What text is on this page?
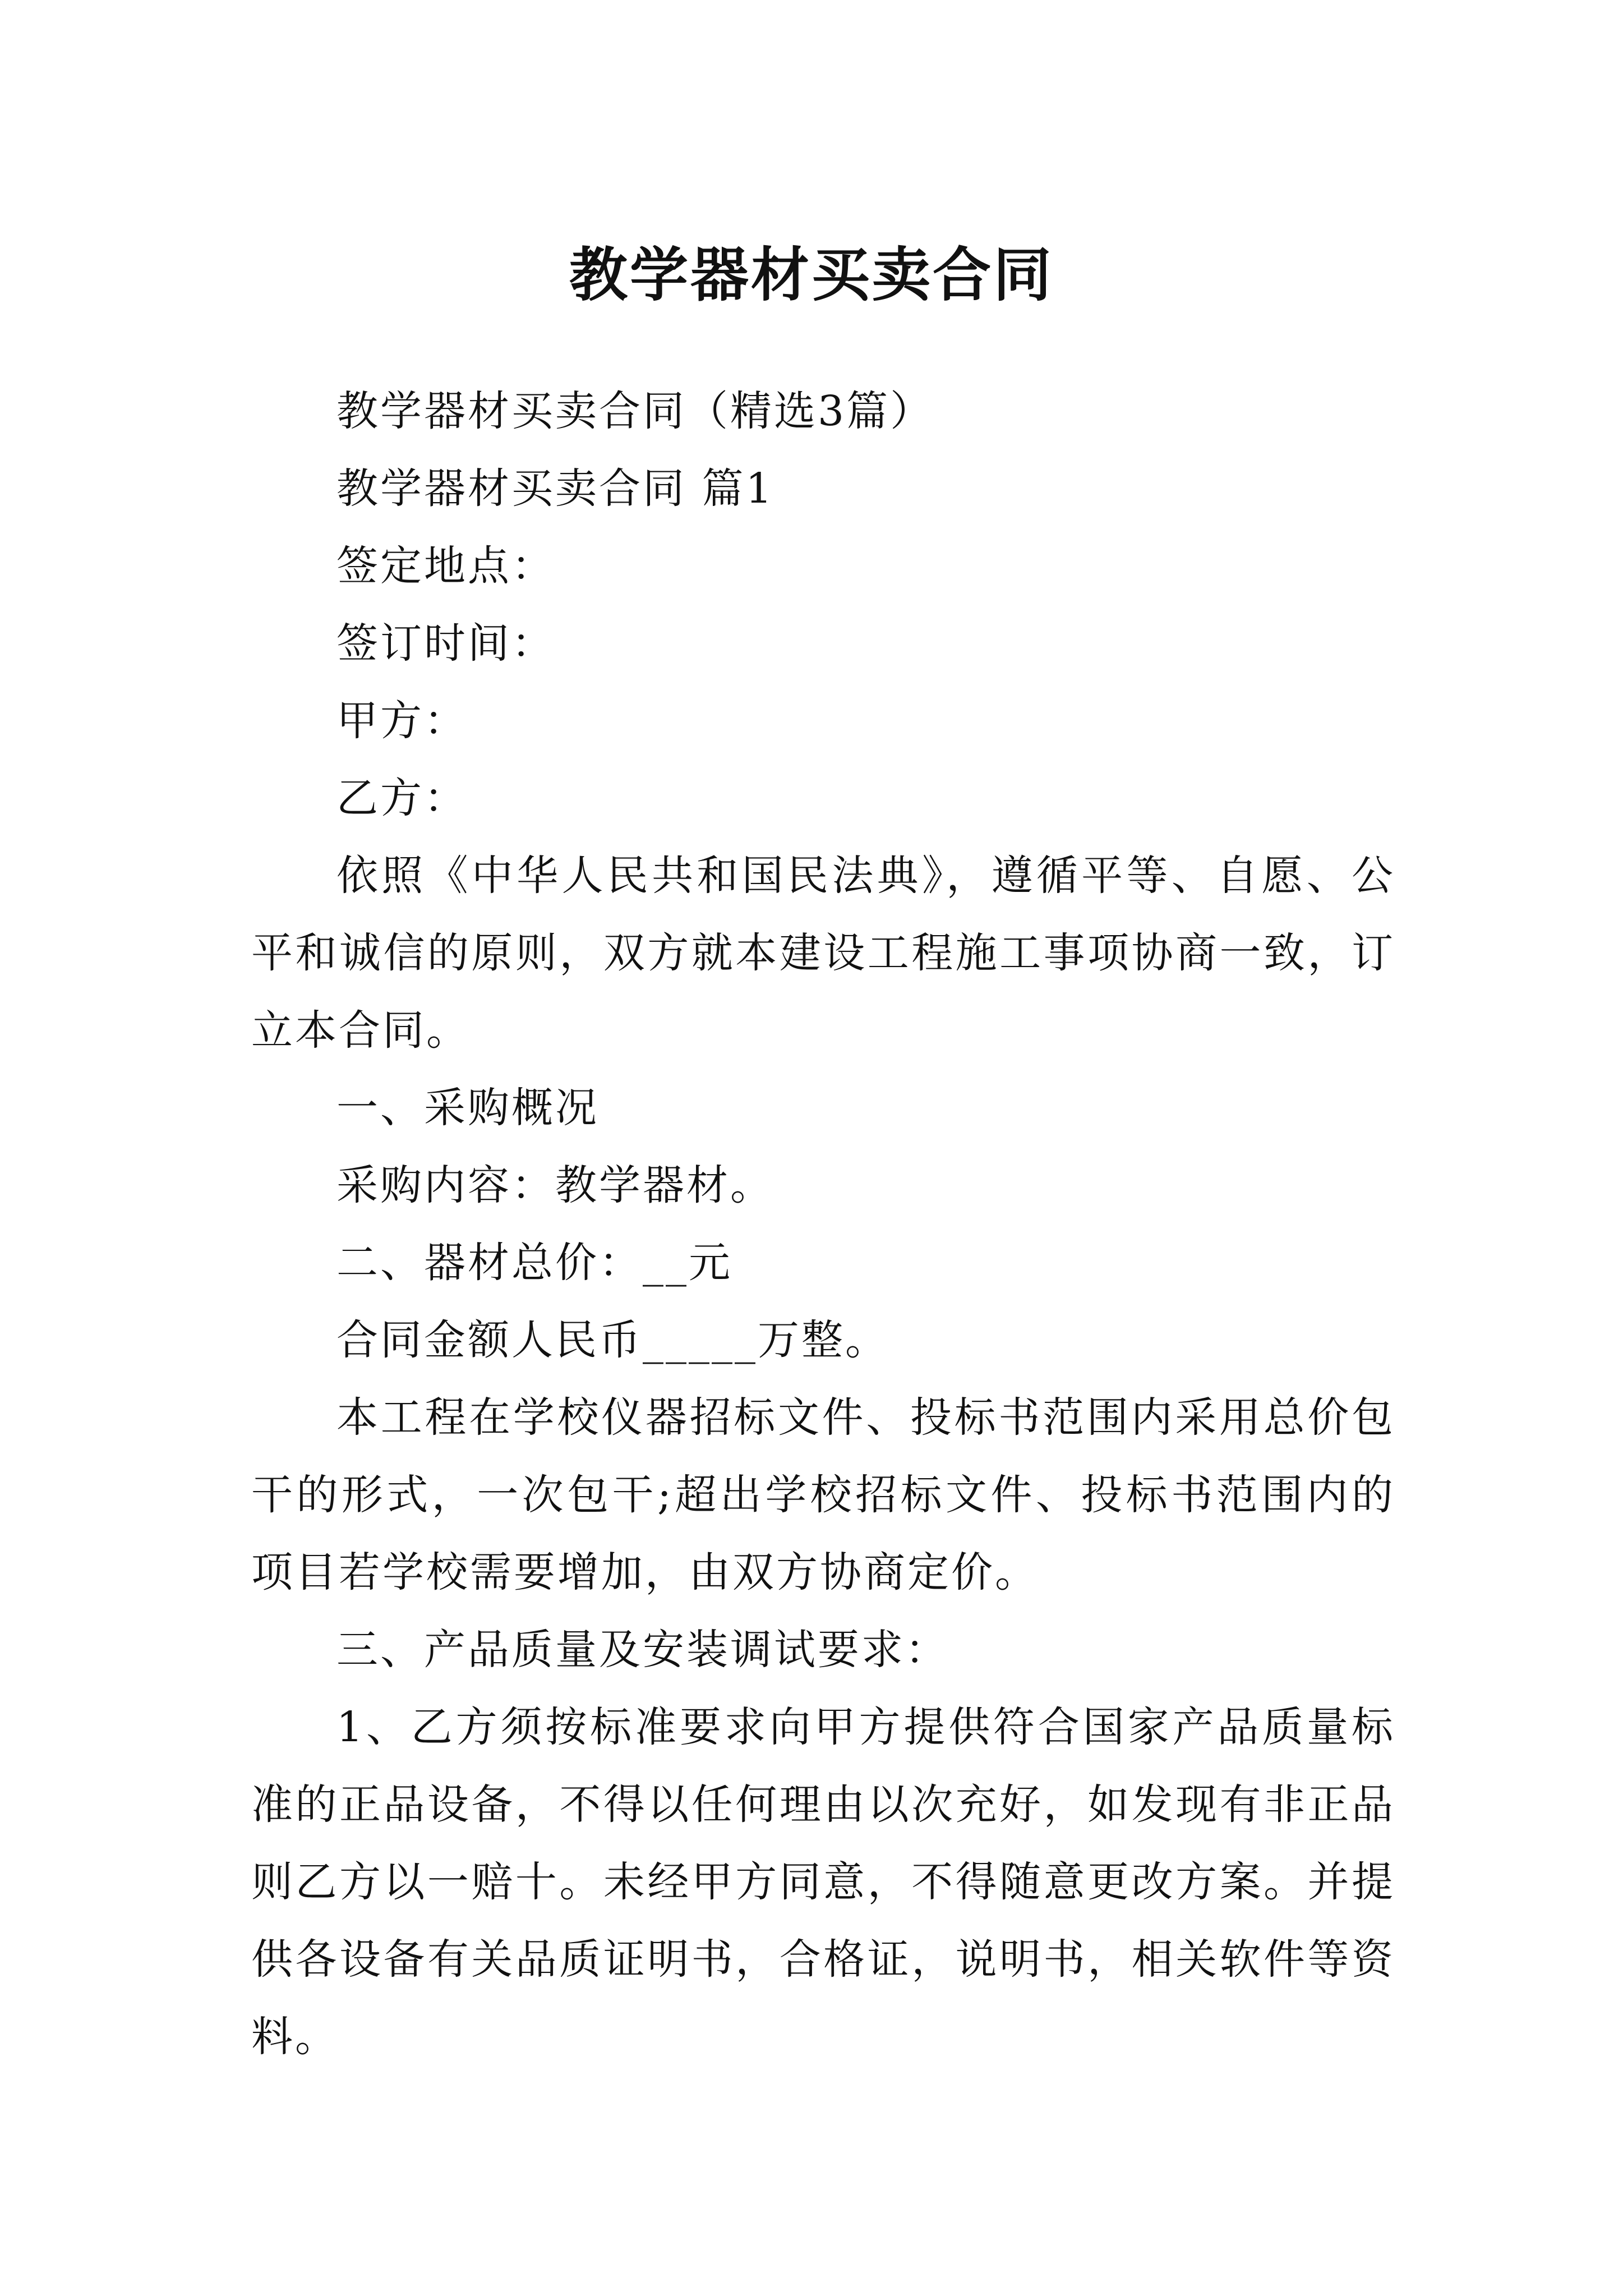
教学器材买卖合同

教学器材买卖合同（精选3篇）

教学器材买卖合同 篇1

签定地点：

签订时间：

甲方：

乙方：

依照《中华人民共和国民法典》，遵循平等、自愿、公平和诚信的原则，双方就本建设工程施工事项协商一致，订立本合同。

一、采购概况

采购内容：教学器材。

二、器材总价：__元

合同金额人民币_____万整。

本工程在学校仪器招标文件、投标书范围内采用总价包干的形式，一次包干;超出学校招标文件、投标书范围内的项目若学校需要增加，由双方协商定价。

三、产品质量及安装调试要求：

1、乙方须按标准要求向甲方提供符合国家产品质量标准的正品设备，不得以任何理由以次充好，如发现有非正品则乙方以一赔十。未经甲方同意，不得随意更改方案。并提供各设备有关品质证明书，合格证，说明书，相关软件等资料。
